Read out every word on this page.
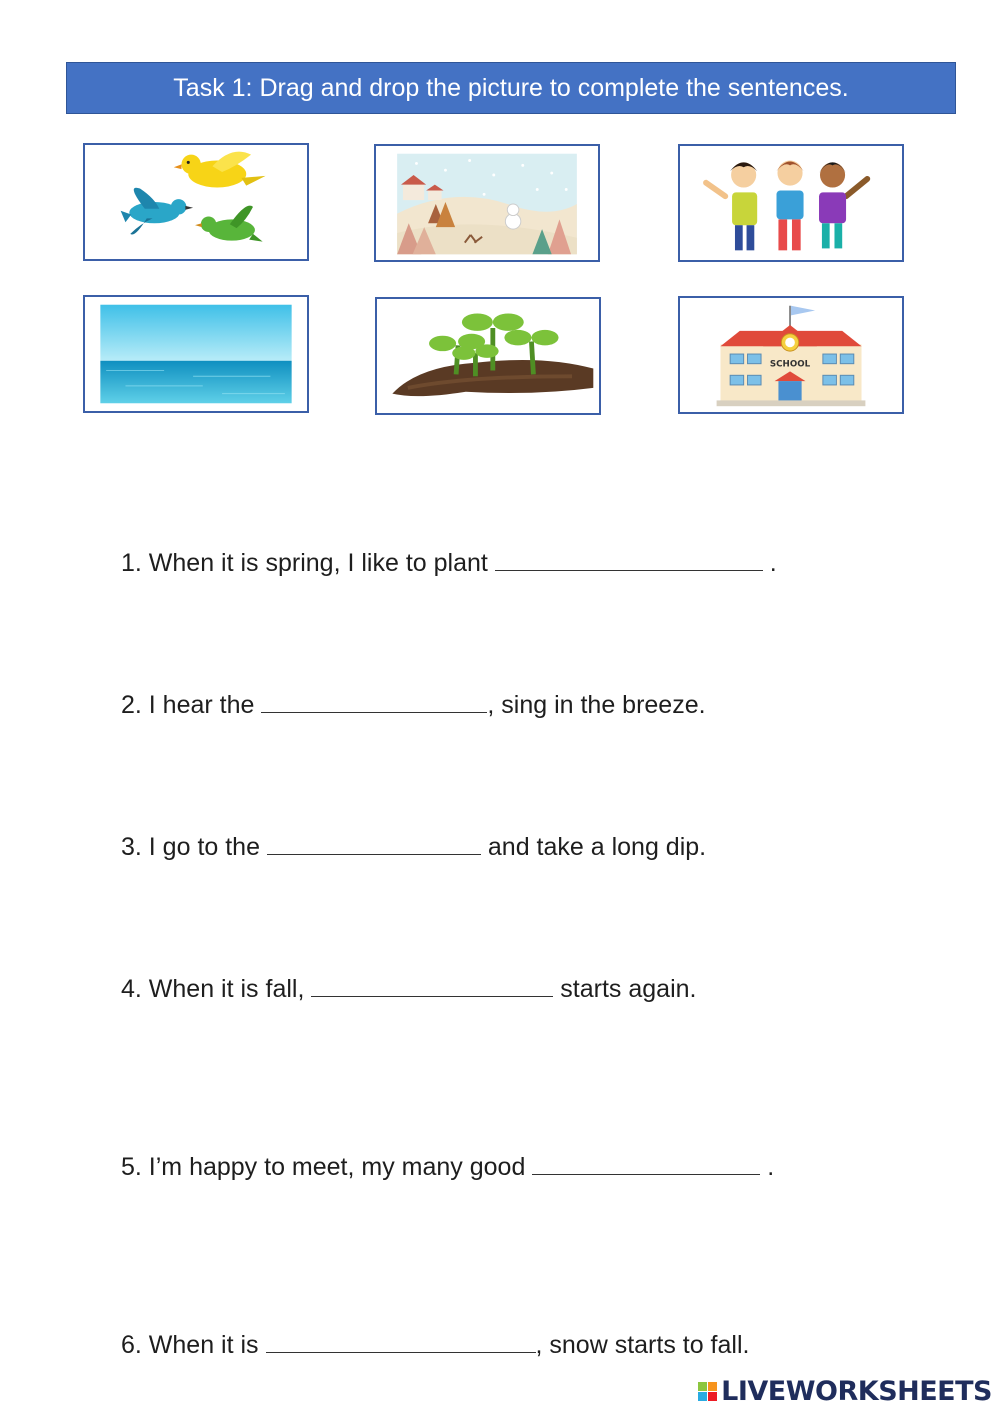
Task 1: Drag and drop the picture to complete the sentences.
SCHOOL
1. When it is spring, I like to plant	.
2. I hear the	, sing in the breeze.
3. I go to the	and take a long dip.
4. When it is fall,	starts again.
5. I’m happy to meet, my many good	.
6. When it is	, snow starts to fall.
LIVEWORKSHEETS
